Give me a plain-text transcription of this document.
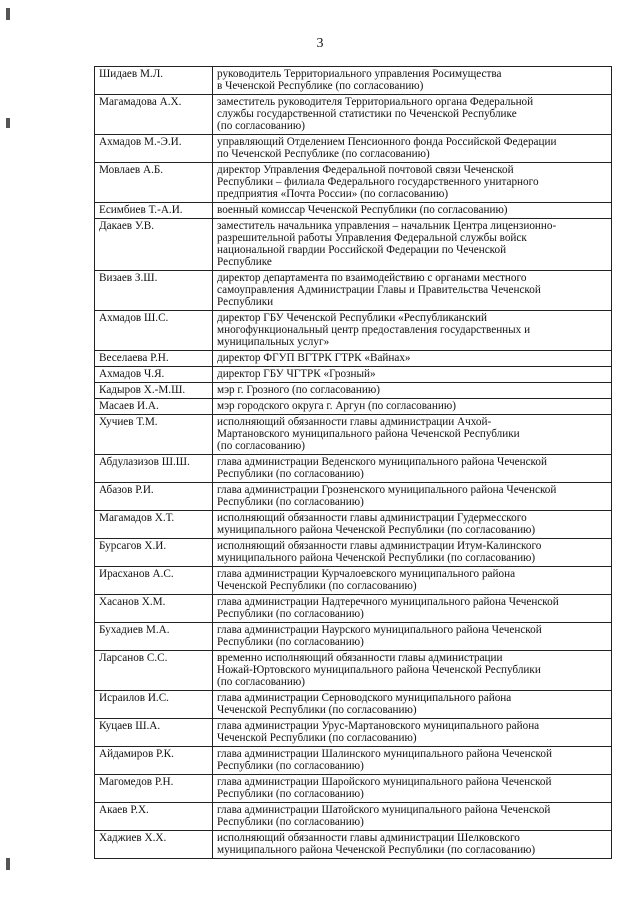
3
Шидаев М.Л.	руководитель Территориального управления Росимущества
в Чеченской Республике (по согласованию)
Магамадова А.Х.	заместитель руководителя Территориального органа Федеральной
службы государственной статистики по Чеченской Республике
(по согласованию)
Ахмадов М.-Э.И.	управляющий Отделением Пенсионного фонда Российской Федерации
по Чеченской Республике (по согласованию)
Мовлаев А.Б.	директор Управления Федеральной почтовой связи Чеченской
Республики – филиала Федерального государственного унитарного
предприятия «Почта России» (по согласованию)
Есимбиев Т.-А.И.	военный комиссар Чеченской Республики (по согласованию)
Дакаев У.В.	заместитель начальника управления – начальник Центра лицензионно-
разрешительной работы Управления Федеральной службы войск
национальной гвардии Российской Федерации по Чеченской
Республике
Визаев З.Ш.	директор департамента по взаимодействию с органами местного
самоуправления Администрации Главы и Правительства Чеченской
Республики
Ахмадов Ш.С.	директор ГБУ Чеченской Республики «Республиканский
многофункциональный центр предоставления государственных и
муниципальных услуг»
Веселаева Р.Н.	директор ФГУП ВГТРК ГТРК «Вайнах»
Ахмадов Ч.Я.	директор ГБУ ЧГТРК «Грозный»
Кадыров Х.-М.Ш.	мэр г. Грозного (по согласованию)
Масаев И.А.	мэр городского округа г. Аргун (по согласованию)
Хучиев Т.М.	исполняющий обязанности главы администрации Ачхой-
Мартановского муниципального района Чеченской Республики
(по согласованию)
Абдулазизов Ш.Ш.	глава администрации Веденского муниципального района Чеченской
Республики (по согласованию)
Абазов Р.И.	глава администрации Грозненского муниципального района Чеченской
Республики (по согласованию)
Магамадов Х.Т.	исполняющий обязанности главы администрации Гудермесского
муниципального района Чеченской Республики (по согласованию)
Бурсагов Х.И.	исполняющий обязанности главы администрации Итум-Калинского
муниципального района Чеченской Республики (по согласованию)
Ирасханов А.С.	глава администрации Курчалоевского муниципального района
Чеченской Республики (по согласованию)
Хасанов Х.М.	глава администрации Надтеречного муниципального района Чеченской
Республики (по согласованию)
Бухадиев М.А.	глава администрации Наурского муниципального района Чеченской
Республики (по согласованию)
Ларсанов С.С.	временно исполняющий обязанности главы администрации
Ножай-Юртовского муниципального района Чеченской Республики
(по согласованию)
Исраилов И.С.	глава администрации Серноводского муниципального района
Чеченской Республики (по согласованию)
Куцаев Ш.А.	глава администрации Урус-Мартановского муниципального района
Чеченской Республики (по согласованию)
Айдамиров Р.К.	глава администрации Шалинского муниципального района Чеченской
Республики (по согласованию)
Магомедов Р.Н.	глава администрации Шаройского муниципального района Чеченской
Республики (по согласованию)
Акаев Р.Х.	глава администрации Шатойского муниципального района Чеченской
Республики (по согласованию)
Хаджиев Х.Х.	исполняющий обязанности главы администрации Шелковского
муниципального района Чеченской Республики (по согласованию)
